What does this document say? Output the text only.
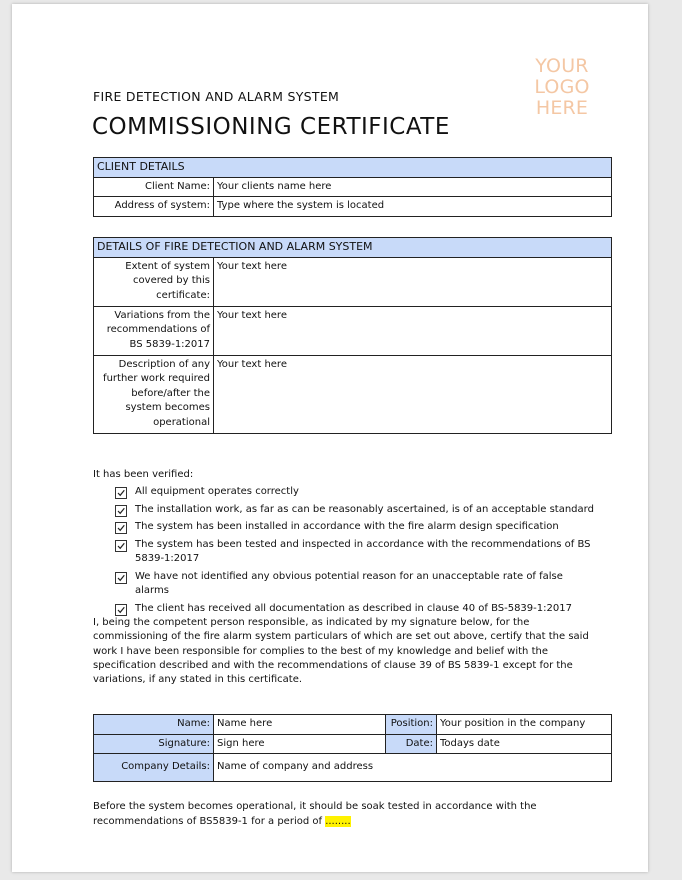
YOUR LOGO
HERE
FIRE DETECTION AND ALARM SYSTEM
COMMISSIONING CERTIFICATE
CLIENT DETAILS	
Client Name:	Your clients name here
Address of system:	Type where the system is located
DETAILS OF FIRE DETECTION AND ALARM SYSTEM	
Extent of system covered by this certificate:	Your text here
Variations from the recommendations of BS 5839-1:2017	Your text here
Description of any further work required before/after the system becomes operational	Your text here
It has been verified:
All equipment operates correctly
The installation work, as far as can be reasonably ascertained, is of an acceptable standard
The system has been installed in accordance with the fire alarm design specification
The system has been tested and inspected in accordance with the recommendations of BS 5839-1:2017
We have not identified any obvious potential reason for an unacceptable rate of false alarms
The client has received all documentation as described in clause 40 of BS-5839-1:2017
I, being the competent person responsible, as indicated by my signature below, for the commissioning of the fire alarm system particulars of which are set out above, certify that the said work I have been responsible for complies to the best of my knowledge and belief with the specification described and with the recommendations of clause 39 of BS 5839-1 except for the variations, if any stated in this certificate.
Name:	Name here	Position:	Your position in the company
Signature:	Sign here	Date:	Todays date
Company Details:	Name of company and address		
Before the system becomes operational, it should be soak tested in accordance with the recommendations of BS5839-1 for a period of ........
